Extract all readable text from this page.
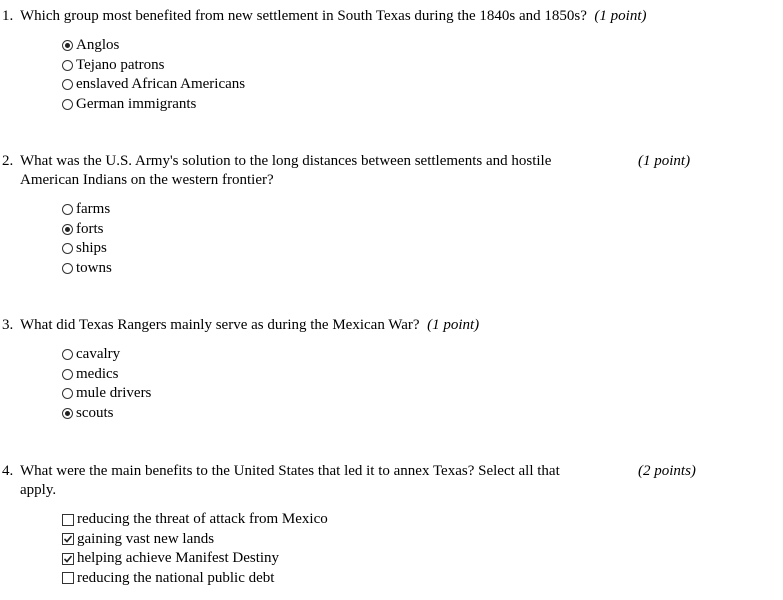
1. Which group most benefited from new settlement in South Texas during the 1840s and 1850s? (1 point)
Anglos
Tejano patrons
enslaved African Americans
German immigrants
2. What was the U.S. Army's solution to the long distances between settlements and hostile
American Indians on the western frontier?
(1 point)
farms
forts
ships
towns
3. What did Texas Rangers mainly serve as during the Mexican War? (1 point)
cavalry
medics
mule drivers
scouts
4. What were the main benefits to the United States that led it to annex Texas? Select all that
apply.
(2 points)
reducing the threat of attack from Mexico
gaining vast new lands
helping achieve Manifest Destiny
reducing the national public debt
